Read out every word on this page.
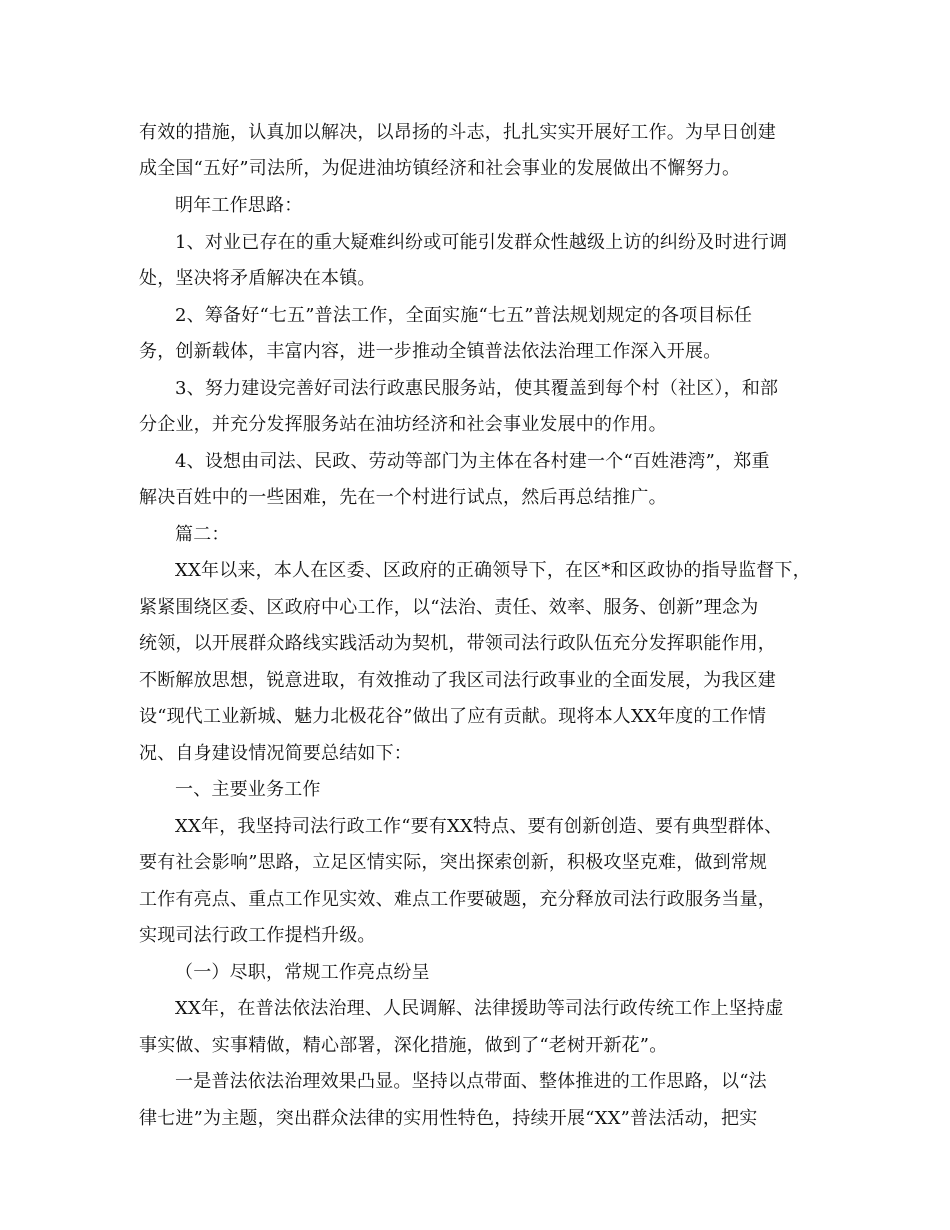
有效的措施，认真加以解决，以昂扬的斗志，扎扎实实开展好工作。为早日创建
成全国“五好”司法所，为促进油坊镇经济和社会事业的发展做出不懈努力。
明年工作思路：
1、对业已存在的重大疑难纠纷或可能引发群众性越级上访的纠纷及时进行调
处，坚决将矛盾解决在本镇。
2、筹备好“七五”普法工作，全面实施“七五”普法规划规定的各项目标任
务，创新载体，丰富内容，进一步推动全镇普法依法治理工作深入开展。
3、努力建设完善好司法行政惠民服务站，使其覆盖到每个村（社区），和部
分企业，并充分发挥服务站在油坊经济和社会事业发展中的作用。
4、设想由司法、民政、劳动等部门为主体在各村建一个“百姓港湾”，郑重
解决百姓中的一些困难，先在一个村进行试点，然后再总结推广。
篇二：
XX年以来，本人在区委、区政府的正确领导下，在区*和区政协的指导监督下，
紧紧围绕区委、区政府中心工作，以“法治、责任、效率、服务、创新”理念为
统领，以开展群众路线实践活动为契机，带领司法行政队伍充分发挥职能作用，
不断解放思想，锐意进取，有效推动了我区司法行政事业的全面发展，为我区建
设“现代工业新城、魅力北极花谷”做出了应有贡献。现将本人XX年度的工作情
况、自身建设情况简要总结如下：
一、主要业务工作
XX年，我坚持司法行政工作“要有XX特点、要有创新创造、要有典型群体、
要有社会影响”思路，立足区情实际，突出探索创新，积极攻坚克难，做到常规
工作有亮点、重点工作见实效、难点工作要破题，充分释放司法行政服务当量，
实现司法行政工作提档升级。
（一）尽职，常规工作亮点纷呈
XX年，在普法依法治理、人民调解、法律援助等司法行政传统工作上坚持虚
事实做、实事精做，精心部署，深化措施，做到了“老树开新花”。
一是普法依法治理效果凸显。坚持以点带面、整体推进的工作思路，以“法
律七进”为主题，突出群众法律的实用性特色，持续开展“XX”普法活动，把实
